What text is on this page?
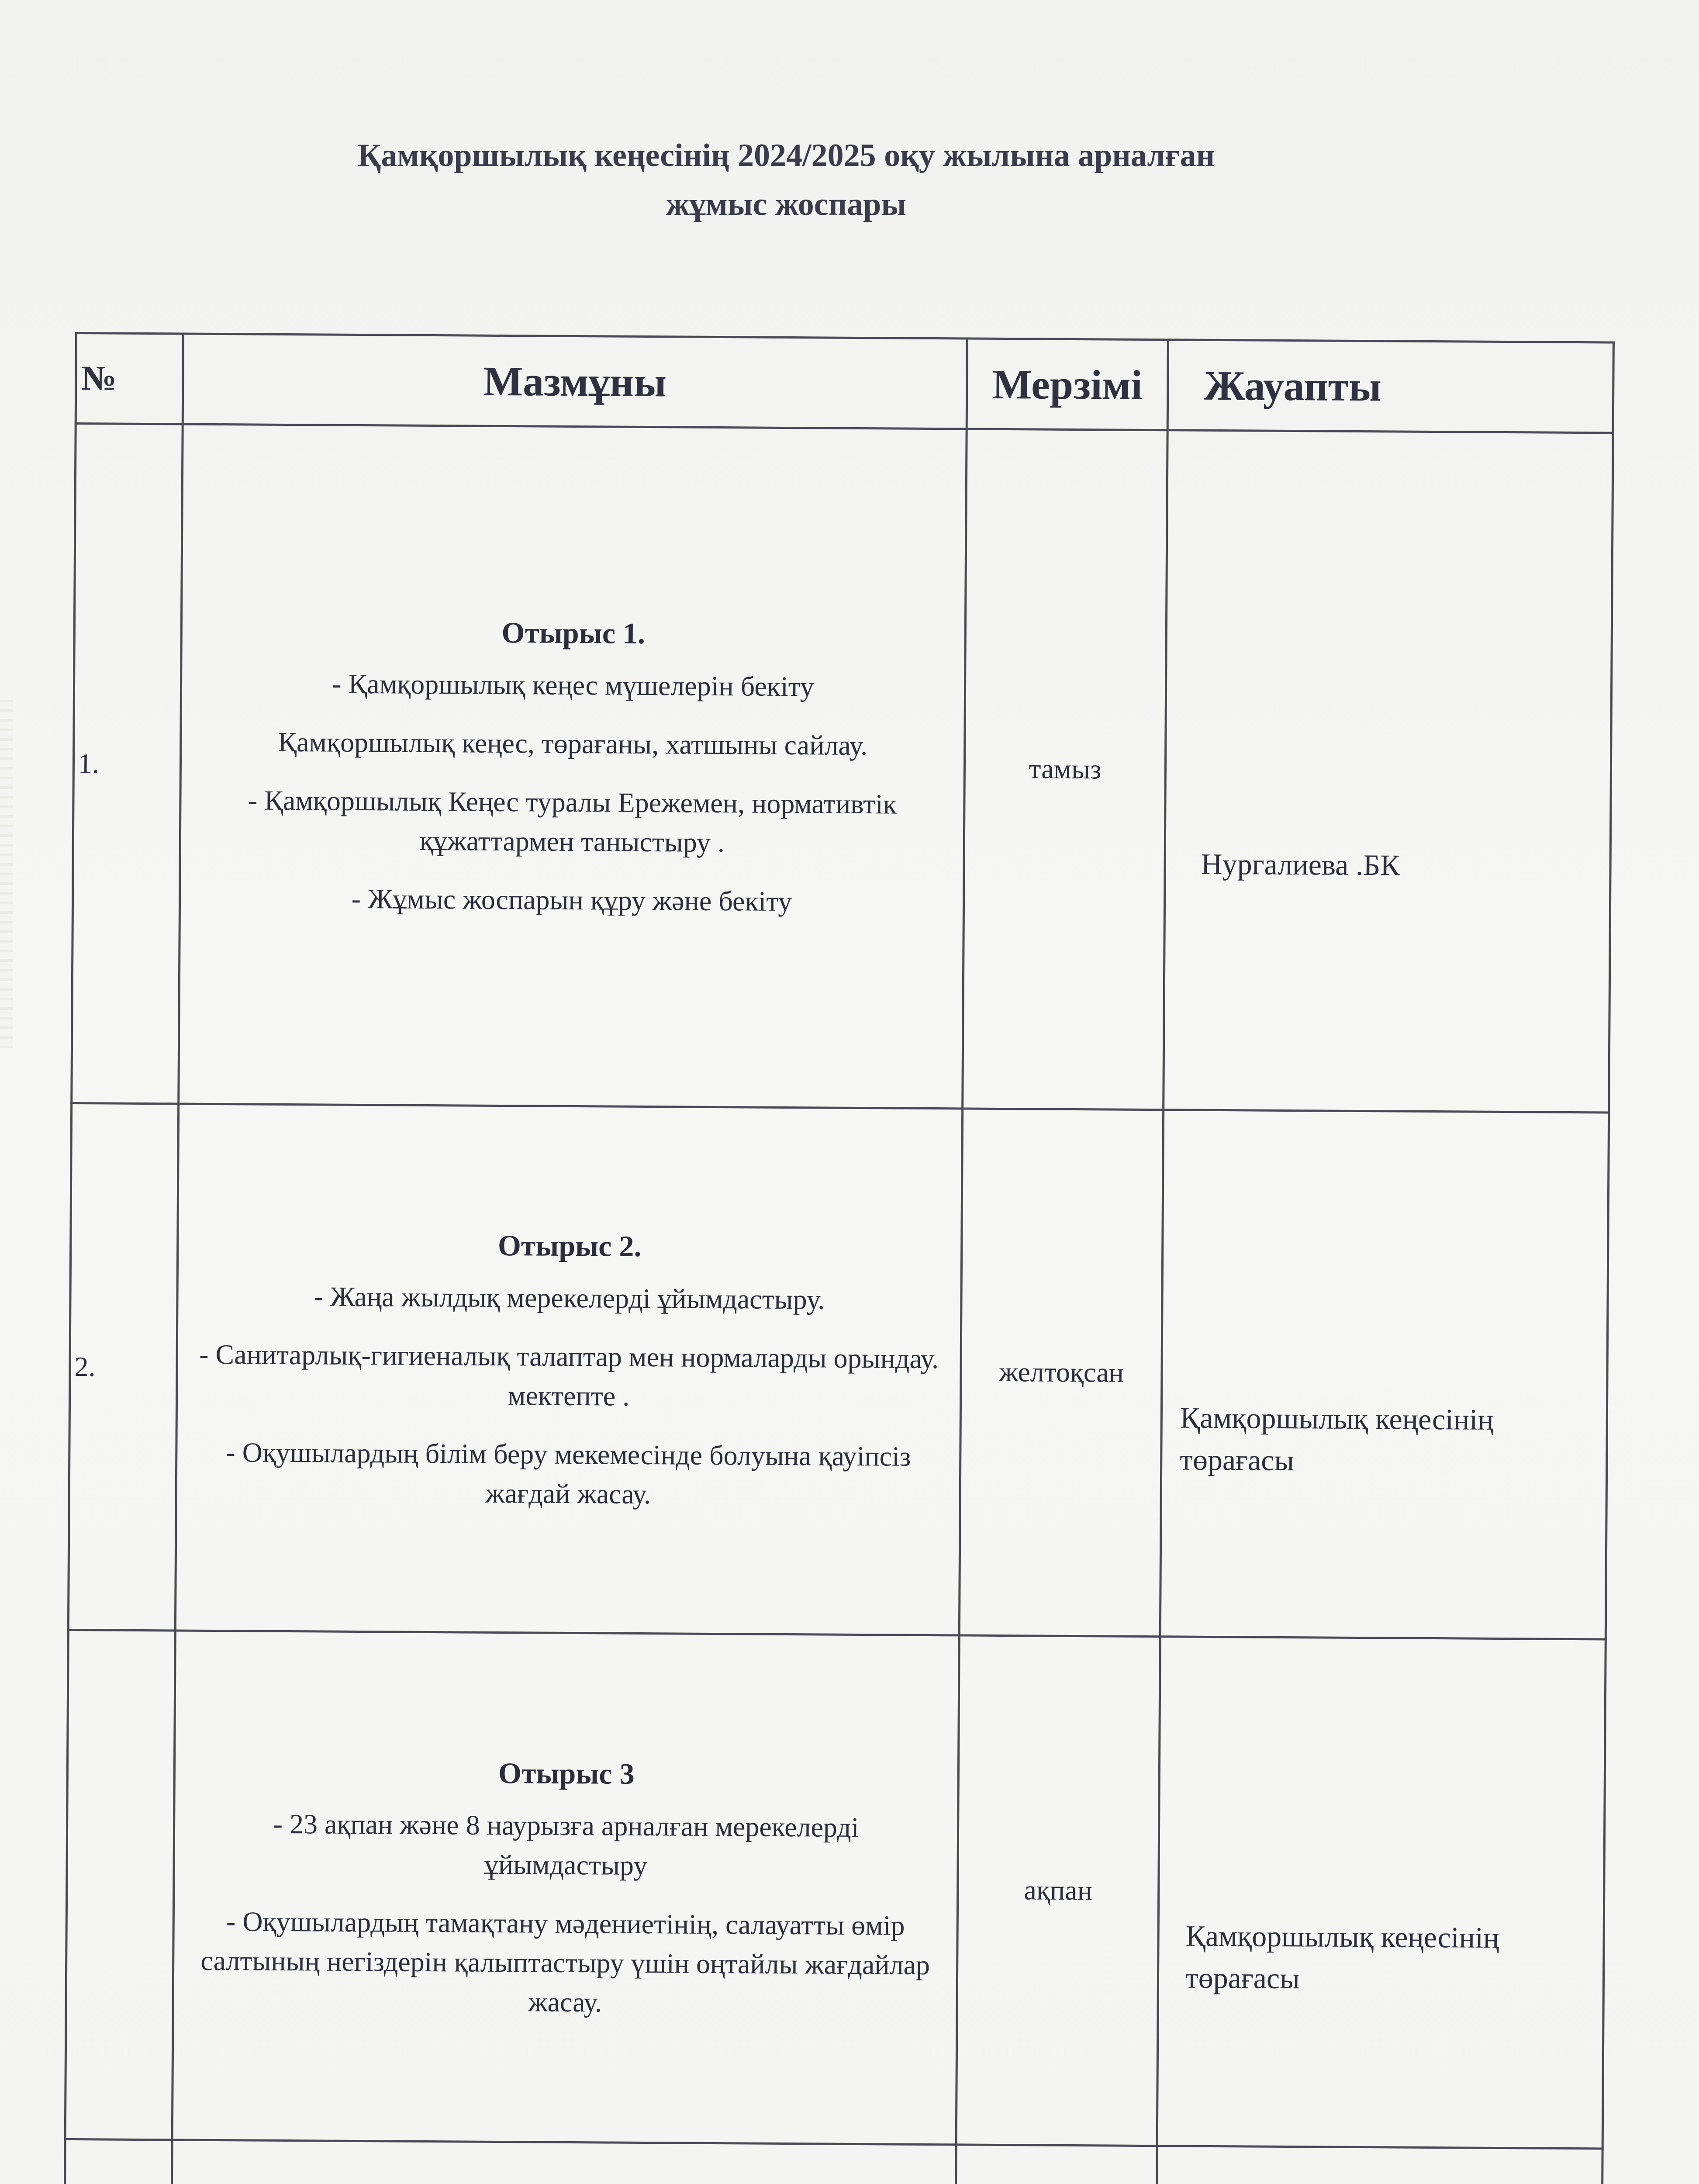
Қамқоршылық кеңесінің 2024/2025 оқу жылына арналған
жұмыс жоспары
№	Мазмұны	Мерзімі	Жауапты
1.	Отырыс 1.
- Қамқоршылық кеңес мүшелерін бекіту
Қамқоршылық кеңес, төрағаны, хатшыны сайлау.
- Қамқоршылық Кеңес туралы Ережемен, нормативтік құжаттармен таныстыру .
- Жұмыс жоспарын құру және бекіту	тамыз	Нургалиева .БК
2.	Отырыс 2.
- Жаңа жылдық мерекелерді ұйымдастыру.
- Санитарлық-гигиеналық талаптар мен нормаларды орындау. мектепте .
- Оқушылардың білім беру мекемесінде болуына қауіпсіз жағдай жасау.	желтоқсан	Қамқоршылық кеңесінің төрағасы

	Отырыс 3
- 23 ақпан және 8 наурызға арналған мерекелерді ұйымдастыру
- Оқушылардың тамақтану мәдениетінің, салауатты өмір салтының негіздерін қалыптастыру үшін оңтайлы жағдайлар жасау.	ақпан	Қамқоршылық кеңесінің төрағасы
